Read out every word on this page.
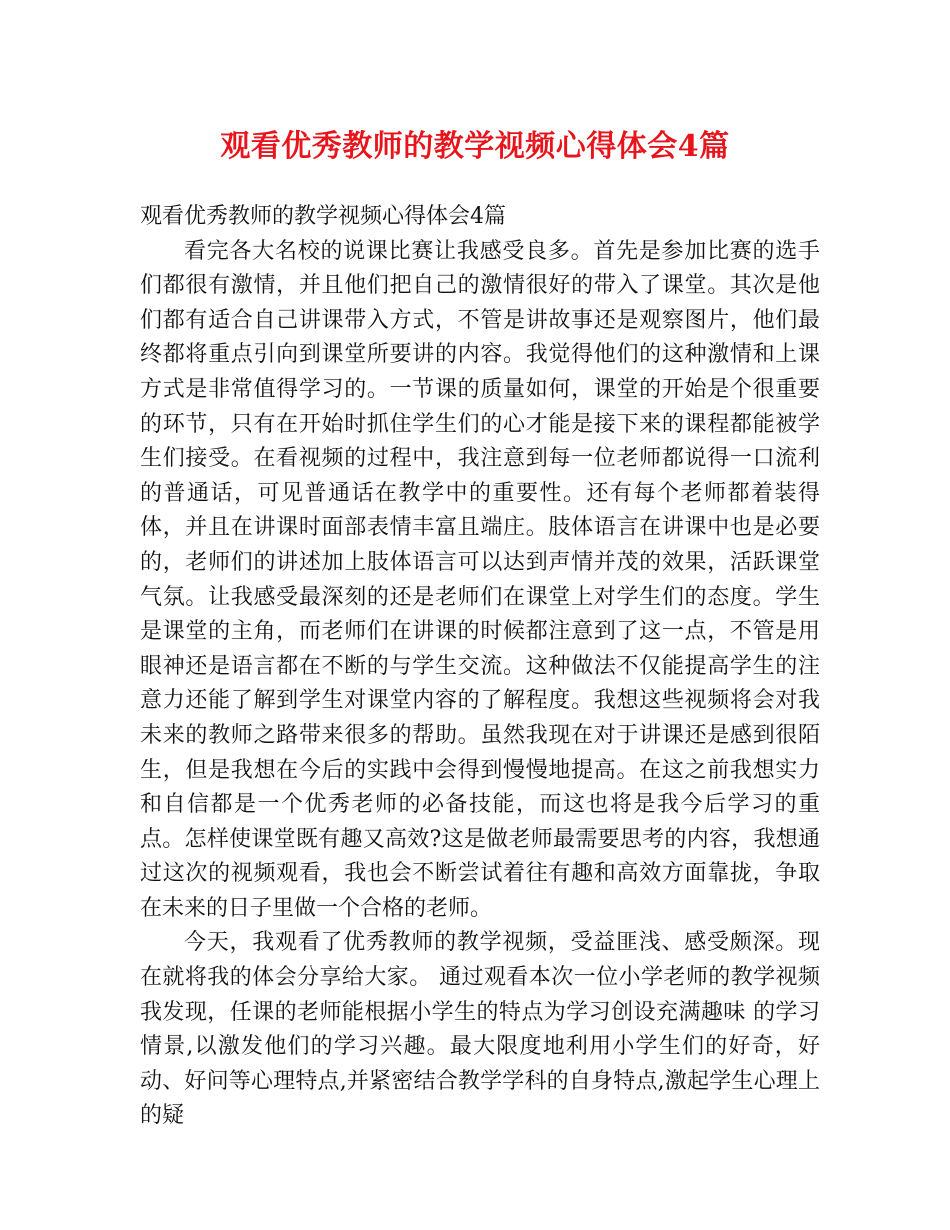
观看优秀教师的教学视频心得体会4篇
观看优秀教师的教学视频心得体会4篇

看完各大名校的说课比赛让我感受良多。首先是参加比赛的选手们都很有激情，并且他们把自己的激情很好的带入了课堂。其次是他们都有适合自己讲课带入方式，不管是讲故事还是观察图片，他们最终都将重点引向到课堂所要讲的内容。我觉得他们的这种激情和上课方式是非常值得学习的。一节课的质量如何，课堂的开始是个很重要的环节，只有在开始时抓住学生们的心才能是接下来的课程都能被学生们接受。在看视频的过程中，我注意到每一位老师都说得一口流利的普通话，可见普通话在教学中的重要性。还有每个老师都着装得体，并且在讲课时面部表情丰富且端庄。肢体语言在讲课中也是必要的，老师们的讲述加上肢体语言可以达到声情并茂的效果，活跃课堂气氛。让我感受最深刻的还是老师们在课堂上对学生们的态度。学生是课堂的主角，而老师们在讲课的时候都注意到了这一点，不管是用眼神还是语言都在不断的与学生交流。这种做法不仅能提高学生的注意力还能了解到学生对课堂内容的了解程度。我想这些视频将会对我未来的教师之路带来很多的帮助。虽然我现在对于讲课还是感到很陌生，但是我想在今后的实践中会得到慢慢地提高。在这之前我想实力和自信都是一个优秀老师的必备技能，而这也将是我今后学习的重点。怎样使课堂既有趣又高效?这是做老师最需要思考的内容，我想通过这次的视频观看，我也会不断尝试着往有趣和高效方面靠拢，争取在未来的日子里做一个合格的老师。

今天，我观看了优秀教师的教学视频，受益匪浅、感受颇深。现在就将我的体会分享给大家。 通过观看本次一位小学老师的教学视频我发现，任课的老师能根据小学生的特点为学习创设充满趣味 的学习情景,以激发他们的学习兴趣。最大限度地利用小学生们的好奇，好动、好问等心理特点,并紧密结合教学学科的自身特点,激起学生心理上的疑
